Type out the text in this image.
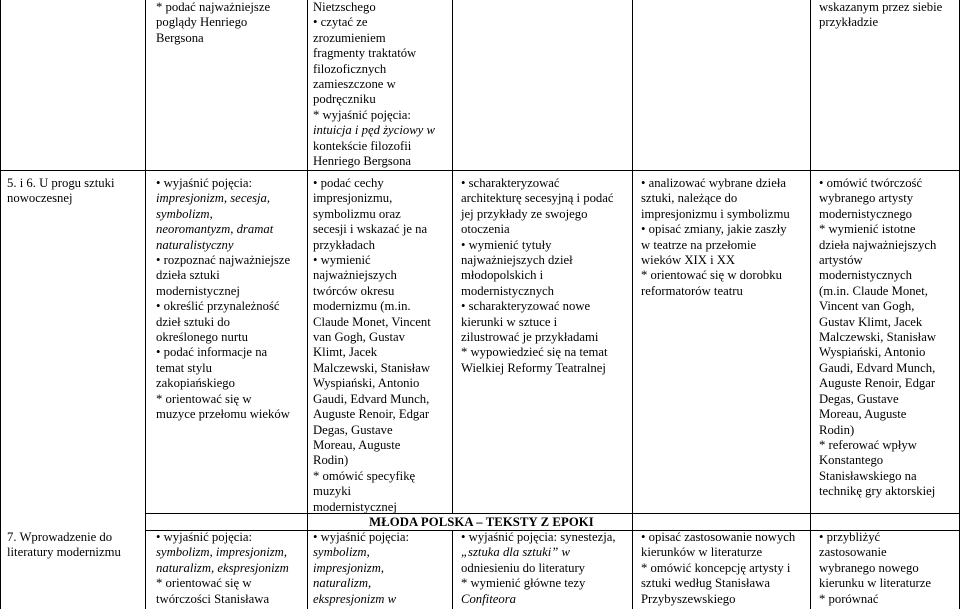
5. i 6. U progu sztuki nowoczesnej
7. Wprowadzenie do literatury modernizmu
* podać najważniejsze
poglądy Henriego
Bergsona
• wyjaśnić pojęcia:
impresjonizm, secesja,
symbolizm,
neoromantyzm, dramat
naturalistyczny
• rozpoznać najważniejsze
dzieła sztuki
modernistycznej
• określić przynależność
dzieł sztuki do
określonego nurtu
• podać informacje na
temat stylu
zakopiańskiego
* orientować się w
muzyce przełomu wieków
• wyjaśnić pojęcia:
symbolizm, impresjonizm,
naturalizm, ekspresjonizm
* orientować się w
twórczości Stanisława
Nietzschego
• czytać ze
zrozumieniem
fragmenty traktatów
filozoficznych
zamieszczone w
podręczniku
* wyjaśnić pojęcia:
intuicja i pęd życiowy w
kontekście filozofii
Henriego Bergsona
• podać cechy
impresjonizmu,
symbolizmu oraz
secesji i wskazać je na
przykładach
• wymienić
najważniejszych
twórców okresu
modernizmu (m.in.
Claude Monet, Vincent
van Gogh, Gustav
Klimt, Jacek
Malczewski, Stanisław
Wyspiański, Antonio
Gaudi, Edvard Munch,
Auguste Renoir, Edgar
Degas, Gustave
Moreau, Auguste
Rodin)
* omówić specyfikę
muzyki
modernistycznej
• wyjaśnić pojęcia:
symbolizm,
impresjonizm,
naturalizm,
ekspresjonizm w
MŁODA POLSKA – TEKSTY Z EPOKI
• scharakteryzować
architekturę secesyjną i podać
jej przykłady ze swojego
otoczenia
• wymienić tytuły
najważniejszych dzieł
młodopolskich i
modernistycznych
• scharakteryzować nowe
kierunki w sztuce i
zilustrować je przykładami
* wypowiedzieć się na temat
Wielkiej Reformy Teatralnej
• wyjaśnić pojęcia: synestezja,
„sztuka dla sztuki” w
odniesieniu do literatury
* wymienić główne tezy
Confiteora
• analizować wybrane dzieła
sztuki, należące do
impresjonizmu i symbolizmu
• opisać zmiany, jakie zaszły
w teatrze na przełomie
wieków XIX i XX
* orientować się w dorobku
reformatorów teatru
• opisać zastosowanie nowych
kierunków w literaturze
* omówić koncepcję artysty i
sztuki według Stanisława
Przybyszewskiego
wskazanym przez siebie
przykładzie
• omówić twórczość
wybranego artysty
modernistycznego
* wymienić istotne
dzieła najważniejszych
artystów
modernistycznych
(m.in. Claude Monet,
Vincent van Gogh,
Gustav Klimt, Jacek
Malczewski, Stanisław
Wyspiański, Antonio
Gaudi, Edvard Munch,
Auguste Renoir, Edgar
Degas, Gustave
Moreau, Auguste
Rodin)
* referować wpływ
Konstantego
Stanisławskiego na
technikę gry aktorskiej
• przybliżyć
zastosowanie
wybranego nowego
kierunku w literaturze
* porównać
